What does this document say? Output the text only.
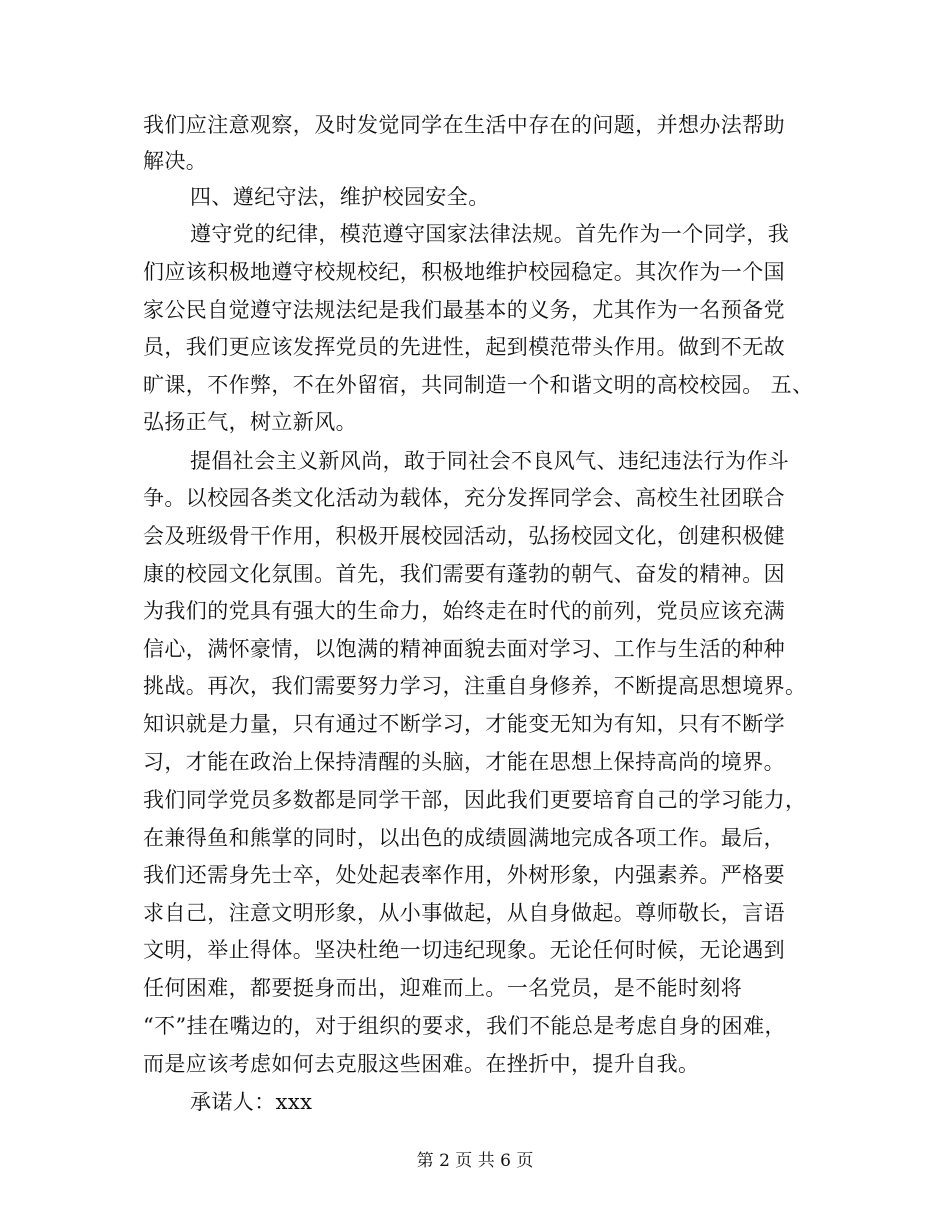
我们应注意观察，及时发觉同学在生活中存在的问题，并想办法帮助

解决。

四、遵纪守法，维护校园安全。

遵守党的纪律，模范遵守国家法律法规。首先作为一个同学，我

们应该积极地遵守校规校纪，积极地维护校园稳定。其次作为一个国

家公民自觉遵守法规法纪是我们最基本的义务，尤其作为一名预备党

员，我们更应该发挥党员的先进性，起到模范带头作用。做到不无故

旷课，不作弊，不在外留宿，共同制造一个和谐文明的高校校园。 五、

弘扬正气，树立新风。

提倡社会主义新风尚，敢于同社会不良风气、违纪违法行为作斗

争。以校园各类文化活动为载体，充分发挥同学会、高校生社团联合

会及班级骨干作用，积极开展校园活动，弘扬校园文化，创建积极健

康的校园文化氛围。首先，我们需要有蓬勃的朝气、奋发的精神。因

为我们的党具有强大的生命力，始终走在时代的前列，党员应该充满

信心，满怀豪情，以饱满的精神面貌去面对学习、工作与生活的种种

挑战。再次，我们需要努力学习，注重自身修养，不断提高思想境界。

知识就是力量，只有通过不断学习，才能变无知为有知，只有不断学

习，才能在政治上保持清醒的头脑，才能在思想上保持高尚的境界。

我们同学党员多数都是同学干部，因此我们更要培育自己的学习能力，

在兼得鱼和熊掌的同时，以出色的成绩圆满地完成各项工作。最后，

我们还需身先士卒，处处起表率作用，外树形象，内强素养。严格要

求自己，注意文明形象，从小事做起，从自身做起。尊师敬长，言语

文明，举止得体。坚决杜绝一切违纪现象。无论任何时候，无论遇到

任何困难，都要挺身而出，迎难而上。一名党员，是不能时刻将

“不”挂在嘴边的，对于组织的要求，我们不能总是考虑自身的困难，

而是应该考虑如何去克服这些困难。在挫折中，提升自我。

承诺人：xxx

第 2 页 共 6 页
